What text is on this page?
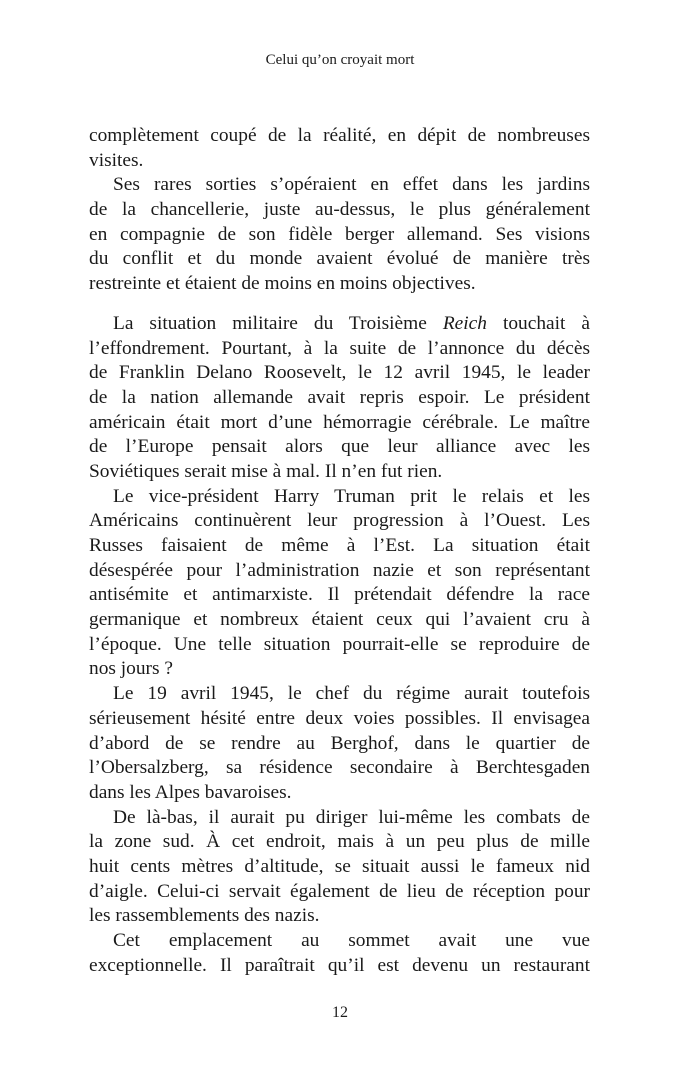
Celui qu’on croyait mort
complètement coupé de la réalité, en dépit de nombreuses
visites.
Ses rares sorties s’opéraient en effet dans les jardins
de la chancellerie, juste au-dessus, le plus généralement
en compagnie de son fidèle berger allemand. Ses visions
du conflit et du monde avaient évolué de manière très
restreinte et étaient de moins en moins objectives.
La situation militaire du Troisième Reich touchait à
l’effondrement. Pourtant, à la suite de l’annonce du décès
de Franklin Delano Roosevelt, le 12 avril 1945, le leader
de la nation allemande avait repris espoir. Le président
américain était mort d’une hémorragie cérébrale. Le maître
de l’Europe pensait alors que leur alliance avec les
Soviétiques serait mise à mal. Il n’en fut rien.
Le vice-président Harry Truman prit le relais et les
Américains continuèrent leur progression à l’Ouest. Les
Russes faisaient de même à l’Est. La situation était
désespérée pour l’administration nazie et son représentant
antisémite et antimarxiste. Il prétendait défendre la race
germanique et nombreux étaient ceux qui l’avaient cru à
l’époque. Une telle situation pourrait-elle se reproduire de
nos jours ?
Le 19 avril 1945, le chef du régime aurait toutefois
sérieusement hésité entre deux voies possibles. Il envisagea
d’abord de se rendre au Berghof, dans le quartier de
l’Obersalzberg, sa résidence secondaire à Berchtesgaden
dans les Alpes bavaroises.
De là-bas, il aurait pu diriger lui-même les combats de
la zone sud. À cet endroit, mais à un peu plus de mille
huit cents mètres d’altitude, se situait aussi le fameux nid
d’aigle. Celui-ci servait également de lieu de réception pour
les rassemblements des nazis.
Cet emplacement au sommet avait une vue
exceptionnelle. Il paraîtrait qu’il est devenu un restaurant
12
